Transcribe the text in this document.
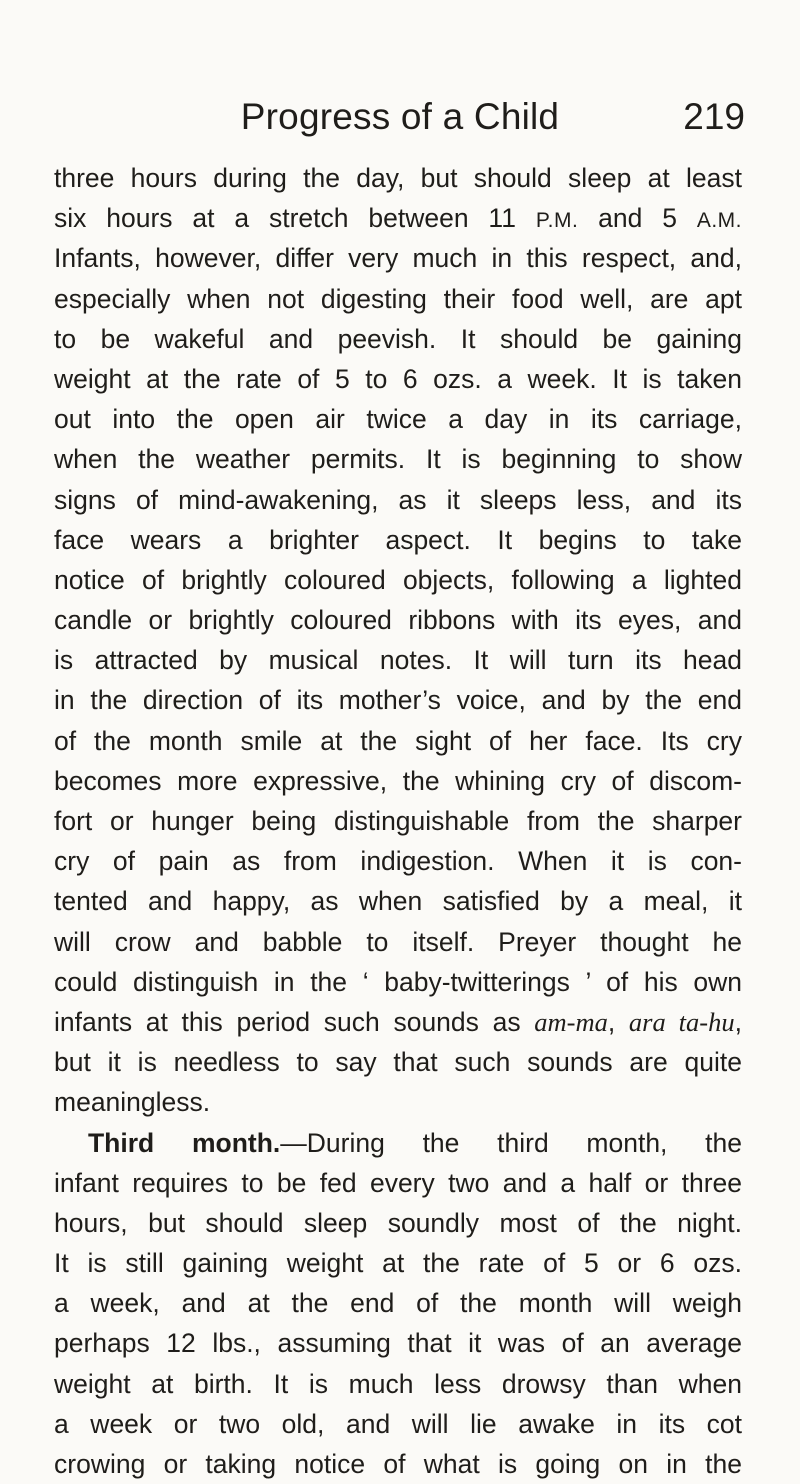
Progress of a Child	219
three hours during the day, but should sleep at least
six hours at a stretch between 11 P.M. and 5 A.M.
Infants, however, differ very much in this respect, and,
especially when not digesting their food well, are apt
to be wakeful and peevish. It should be gaining
weight at the rate of 5 to 6 ozs. a week. It is taken
out into the open air twice a day in its carriage,
when the weather permits. It is beginning to show
signs of mind-awakening, as it sleeps less, and its
face wears a brighter aspect. It begins to take
notice of brightly coloured objects, following a lighted
candle or brightly coloured ribbons with its eyes, and
is attracted by musical notes. It will turn its head
in the direction of its mother’s voice, and by the end
of the month smile at the sight of her face. Its cry
becomes more expressive, the whining cry of discom-
fort or hunger being distinguishable from the sharper
cry of pain as from indigestion. When it is con-
tented and happy, as when satisfied by a meal, it
will crow and babble to itself. Preyer thought he
could distinguish in the ‘ baby-twitterings ’ of his own
infants at this period such sounds as am-ma, ara ta-hu,
but it is needless to say that such sounds are quite
meaningless.
Third month.—During the third month, the
infant requires to be fed every two and a half or three
hours, but should sleep soundly most of the night.
It is still gaining weight at the rate of 5 or 6 ozs.
a week, and at the end of the month will weigh
perhaps 12 lbs., assuming that it was of an average
weight at birth. It is much less drowsy than when
a week or two old, and will lie awake in its cot
crowing or taking notice of what is going on in the
